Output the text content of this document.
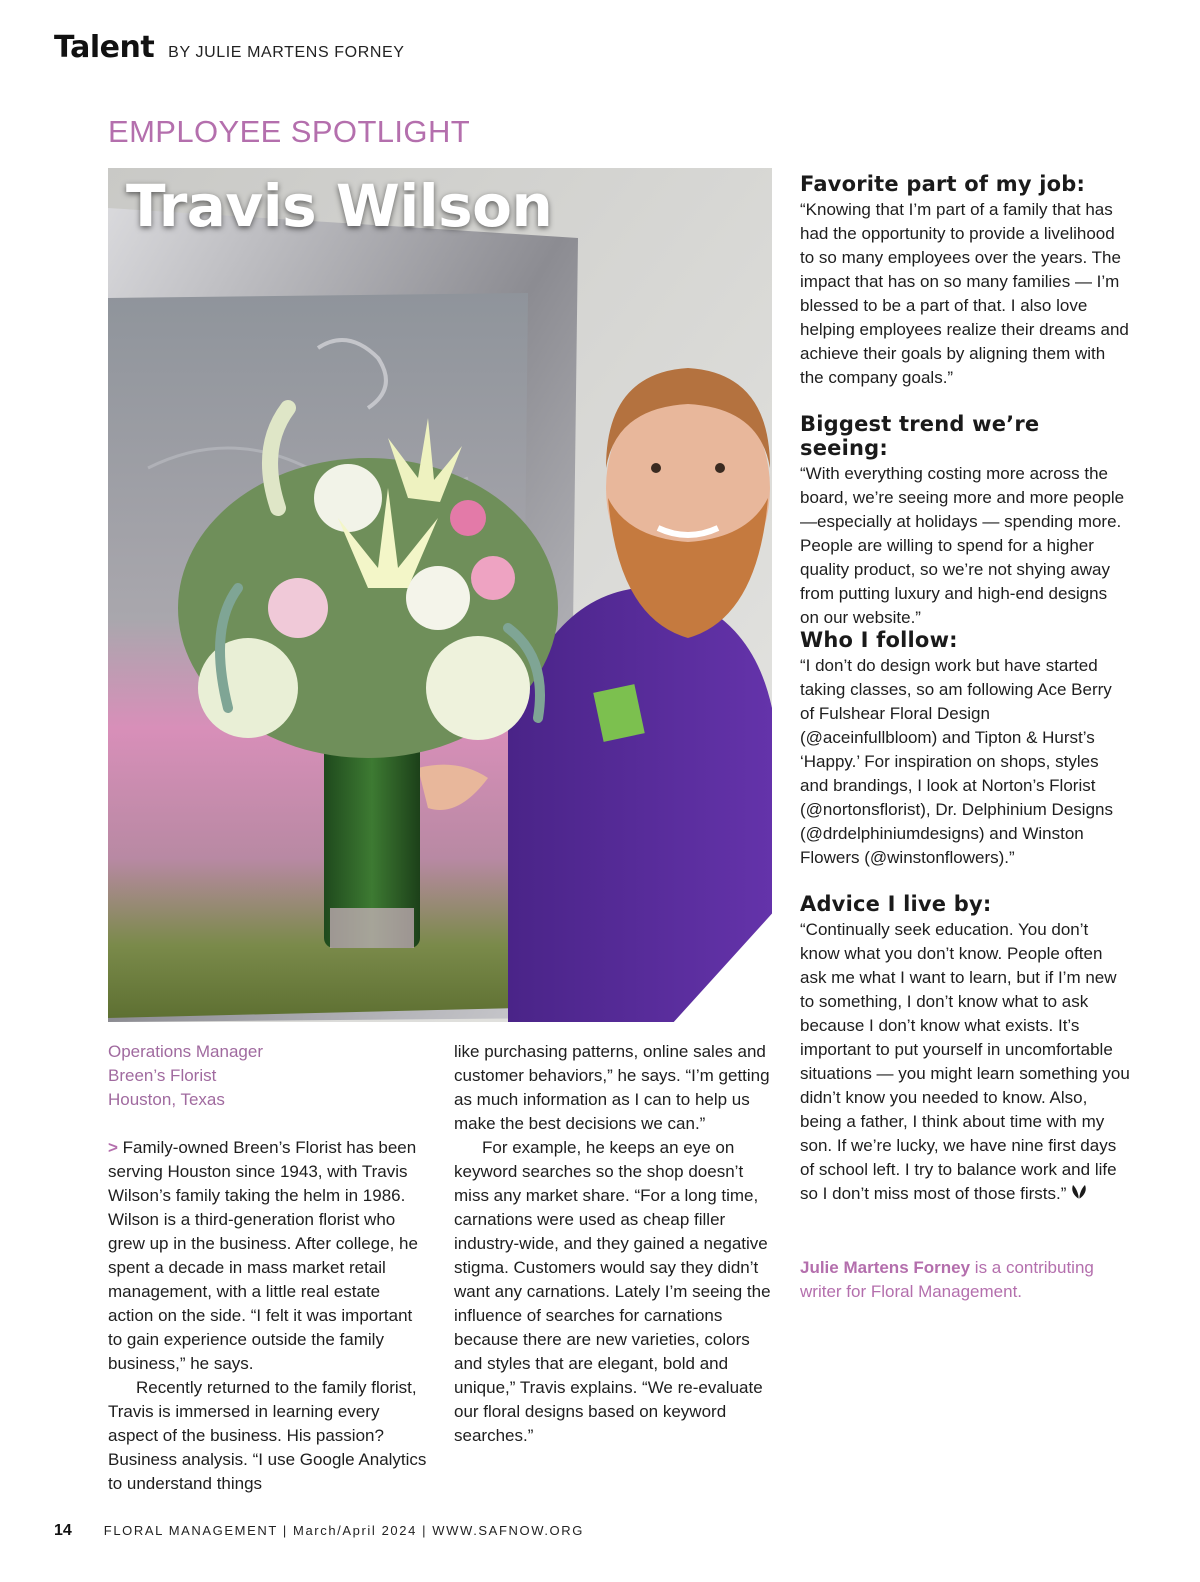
Talent BY JULIE MARTENS FORNEY
EMPLOYEE SPOTLIGHT
Travis Wilson
Operations Manager
Breen’s Florist
Houston, Texas

> Family-owned Breen’s Florist has been serving Houston since 1943, with Travis Wilson’s family taking the helm in 1986. Wilson is a third-generation florist who grew up in the business. After college, he spent a decade in mass market retail management, with a little real estate action on the side. “I felt it was important to gain experience outside the family business,” he says.

Recently returned to the family florist, Travis is immersed in learning every aspect of the business. His passion? Business analysis. “I use Google Analytics to understand things

like purchasing patterns, online sales and customer behaviors,” he says. “I’m getting as much information as I can to help us make the best decisions we can.”

For example, he keeps an eye on keyword searches so the shop doesn’t miss any market share. “For a long time, carnations were used as cheap filler industry-wide, and they gained a negative stigma. Customers would say they didn’t want any carnations. Lately I’m seeing the influence of searches for carnations because there are new varieties, colors and styles that are elegant, bold and unique,” Travis explains. “We re-evaluate our floral designs based on keyword searches.”

Favorite part of my job:

“Knowing that I’m part of a family that has had the opportunity to provide a livelihood to so many employees over the years. The impact that has on so many families — I’m blessed to be a part of that. I also love helping employees realize their dreams and achieve their goals by aligning them with the company goals.”

Biggest trend we’re seeing:

“With everything costing more across the board, we’re seeing more and more people —especially at holidays — spending more. People are willing to spend for a higher quality product, so we’re not shying away from putting luxury and high-end designs on our website.”

Who I follow:

“I don’t do design work but have started taking classes, so am following Ace Berry of Fulshear Floral Design (@aceinfullbloom) and Tipton & Hurst’s ‘Happy.’ For inspiration on shops, styles and brandings, I look at Norton’s Florist (@nortonsflorist), Dr. Delphinium Designs (@drdelphiniumdesigns) and Winston Flowers (@winstonflowers).”

Advice I live by:

“Continually seek education. You don’t know what you don’t know. People often ask me what I want to learn, but if I’m new to something, I don’t know what to ask because I don’t know what exists. It’s important to put yourself in uncomfortable situations — you might learn something you didn’t know you needed to know. Also, being a father, I think about time with my son. If we’re lucky, we have nine first days of school left. I try to balance work and life so I don’t miss most of those firsts.”

Julie Martens Forney is a contributing writer for Floral Management.
14 FLORAL MANAGEMENT | March/April 2024 | WWW.SAFNOW.ORG
